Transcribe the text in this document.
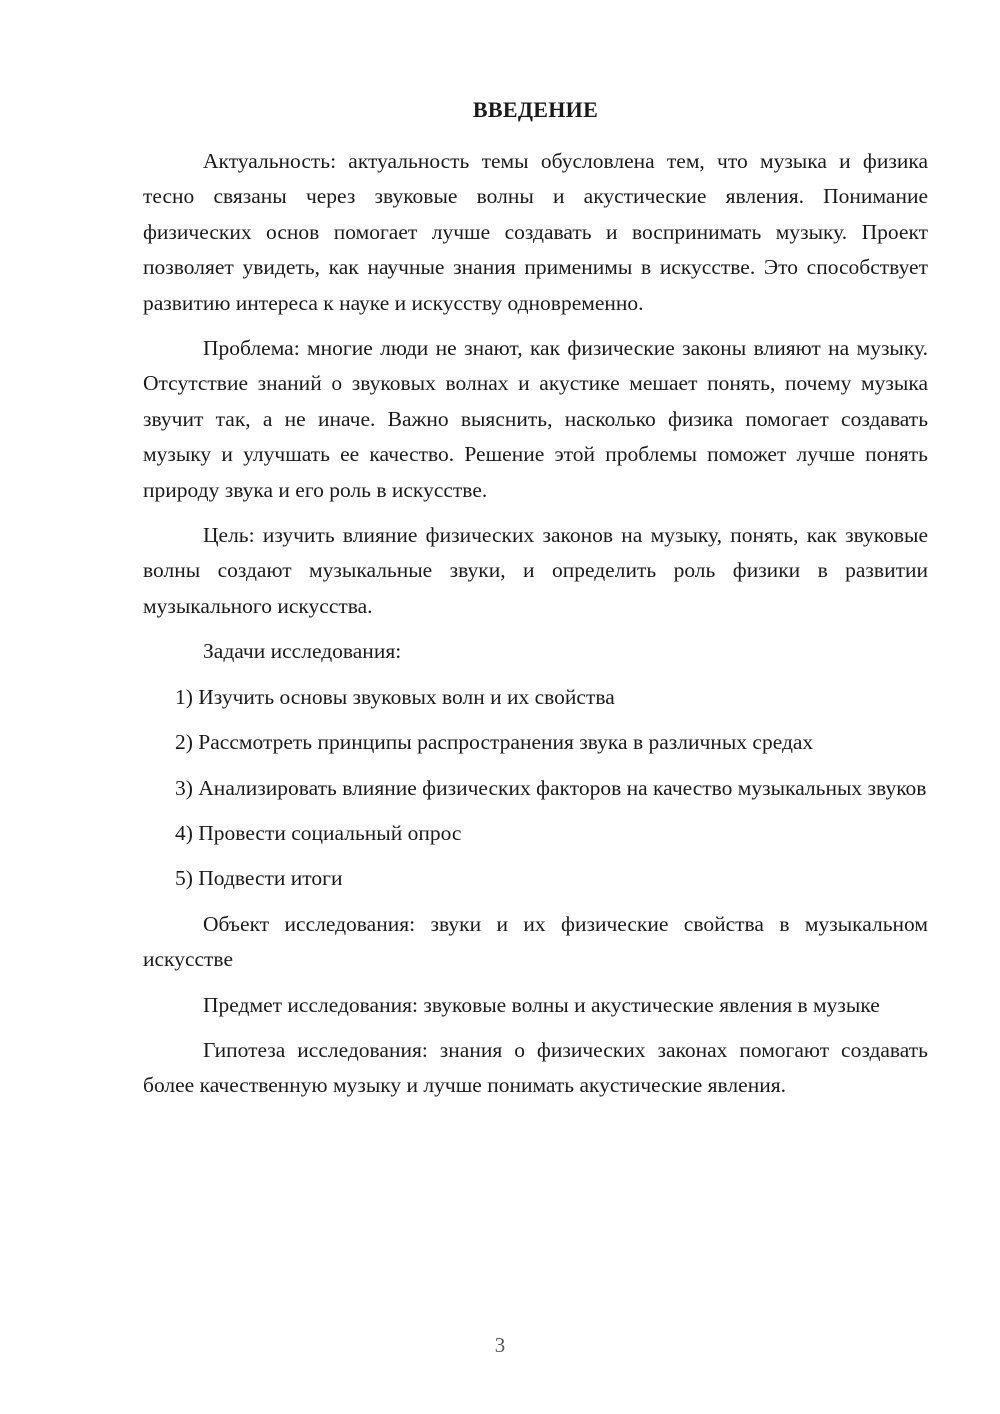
ВВЕДЕНИЕ

Актуальность: актуальность темы обусловлена тем, что музыка и физика тесно связаны через звуковые волны и акустические явления. Понимание физических основ помогает лучше создавать и воспринимать музыку. Проект позволяет увидеть, как научные знания применимы в искусстве. Это способствует развитию интереса к науке и искусству одновременно.

Проблема: многие люди не знают, как физические законы влияют на музыку. Отсутствие знаний о звуковых волнах и акустике мешает понять, почему музыка звучит так, а не иначе. Важно выяснить, насколько физика помогает создавать музыку и улучшать ее качество. Решение этой проблемы поможет лучше понять природу звука и его роль в искусстве.

Цель: изучить влияние физических законов на музыку, понять, как звуковые волны создают музыкальные звуки, и определить роль физики в развитии музыкального искусства.

Задачи исследования:

1) Изучить основы звуковых волн и их свойства

2) Рассмотреть принципы распространения звука в различных средах

3) Анализировать влияние физических факторов на качество музыкальных звуков

4) Провести социальный опрос

5) Подвести итоги

Объект исследования: звуки и их физические свойства в музыкальном искусстве

Предмет исследования: звуковые волны и акустические явления в музыке

Гипотеза исследования: знания о физических законах помогают создавать более качественную музыку и лучше понимать акустические явления.

3
